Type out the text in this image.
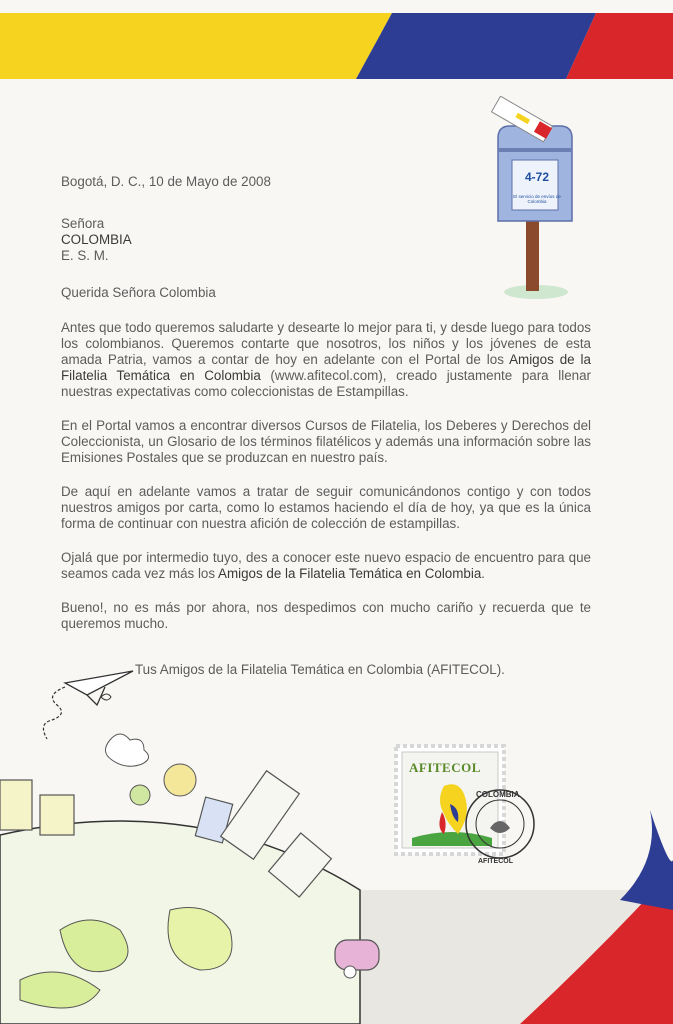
4-72
El servicio de envíos de Colombia

Bogotá, D. C., 10 de Mayo de 2008

Señora

COLOMBIA

E. S. M.

Querida Señora Colombia

Antes que todo queremos saludarte y desearte lo mejor para ti, y desde luego para todos los colombianos. Queremos contarte que nosotros, los niños y los jóvenes de esta amada Patria, vamos a contar de hoy en adelante con el Portal de los Amigos de la Filatelia Temática en Colombia (www.afitecol.com), creado justamente para llenar nuestras expectativas como coleccionistas de Estampillas.

En el Portal vamos a encontrar diversos Cursos de Filatelia, los Deberes y Derechos del Coleccionista, un Glosario de los términos filatélicos y además una información sobre las Emisiones Postales que se produzcan en nuestro país.

De aquí en adelante vamos a tratar de seguir comunicándonos contigo y con todos nuestros amigos por carta, como lo estamos haciendo el día de hoy, ya que es la única forma de continuar con nuestra afición de colección de estampillas.

Ojalá que por intermedio tuyo, des a conocer este nuevo espacio de encuentro para que seamos cada vez más los Amigos de la Filatelia Temática en Colombia.

Bueno!, no es más por ahora, nos despedimos con mucho cariño y recuerda que te queremos mucho.

Tus Amigos de la Filatelia Temática en Colombia (AFITECOL).
AFITECOL
COLOMBIA
AFITECOL
